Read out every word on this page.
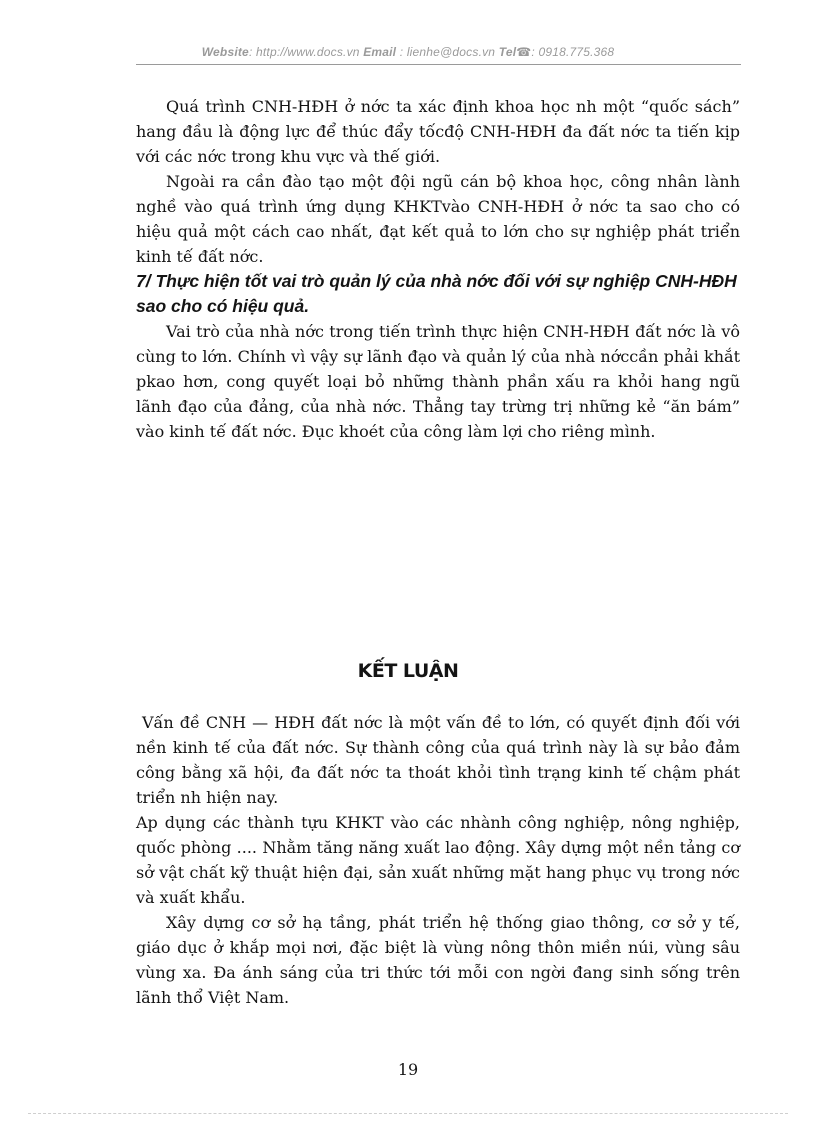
Website: http://www.docs.vn Email : lienhe@docs.vn Tel☎: 0918.775.368

Quá trình CNH-HĐH ở nớc ta xác định khoa học nh một “quốc sách” hang đầu là động lực để thúc đẩy tốcđộ CNH-HĐH đa đất nớc ta tiến kịp với các nớc trong khu vực và thế giới.

Ngoài ra cần đào tạo một đội ngũ cán bộ khoa học, công nhân lành nghề vào quá trình ứng dụng KHKTvào CNH-HĐH ở nớc ta sao cho có hiệu quả một cách cao nhất, đạt kết quả to lớn cho sự nghiệp phát triển kinh tế đất nớc.

7/ Thực hiện tốt vai trò quản lý của nhà nớc đối với sự nghiệp CNH-HĐH sao cho có hiệu quả.

Vai trò của nhà nớc trong tiến trình thực hiện CNH-HĐH đất nớc là vô cùng to lớn. Chính vì vậy sự lãnh đạo và quản lý của nhà nớccần phải khắt pkao hơn, cong quyết loại bỏ những thành phần xấu ra khỏi hang ngũ lãnh đạo của đảng, của nhà nớc. Thẳng tay trừng trị những kẻ “ăn bám” vào kinh tế đất nớc. Đục khoét của công làm lợi cho riêng mình.

KẾT LUẬN

Vấn đề CNH — HĐH đất nớc là một vấn đề to lớn, có quyết định đối với nền kinh tế của đất nớc. Sự thành công của quá trình này là sự bảo đảm công bằng xã hội, đa đất nớc ta thoát khỏi tình trạng kinh tế chậm phát triển nh hiện nay.

Ap dụng các thành tựu KHKT vào các nhành công nghiệp, nông nghiệp, quốc phòng .... Nhằm tăng năng xuất lao động. Xây dựng một nền tảng cơ sở vật chất kỹ thuật hiện đại, sản xuất những mặt hang phục vụ trong nớc và xuất khẩu.

Xây dựng cơ sở hạ tầng, phát triển hệ thống giao thông, cơ sở y tế, giáo dục ở khắp mọi nơi, đặc biệt là vùng nông thôn miền núi, vùng sâu vùng xa. Đa ánh sáng của tri thức tới mỗi con ngời đang sinh sống trên lãnh thổ Việt Nam.

19
